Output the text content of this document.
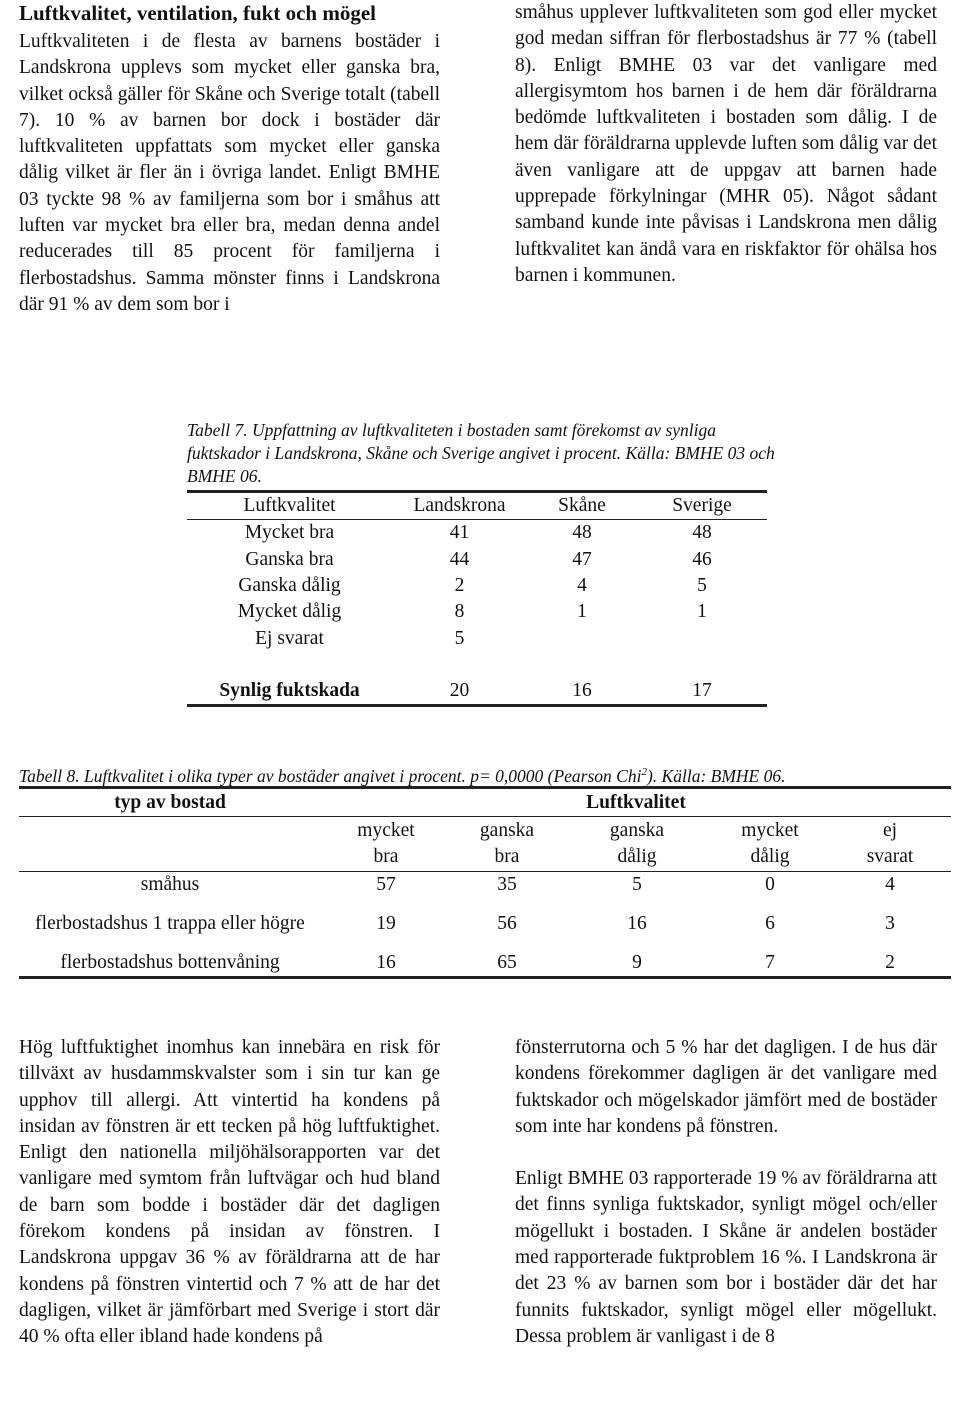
Luftkvalitet, ventilation, fukt och mögel

Luftkvaliteten i de flesta av barnens bostäder i Landskrona upplevs som mycket eller ganska bra, vilket också gäller för Skåne och Sverige totalt (tabell 7). 10 % av barnen bor dock i bostäder där luftkvaliteten uppfattats som mycket eller ganska dålig vilket är fler än i övriga landet. Enligt BMHE 03 tyckte 98 % av familjerna som bor i småhus att luften var mycket bra eller bra, medan denna andel reducerades till 85 procent för familjerna i flerbostadshus. Samma mönster finns i Landskrona där 91 % av dem som bor i

småhus upplever luftkvaliteten som god eller mycket god medan siffran för flerbostadshus är 77 % (tabell 8). Enligt BMHE 03 var det vanligare med allergisymtom hos barnen i de hem där föräldrarna bedömde luftkvaliteten i bostaden som dålig. I de hem där föräldrarna upplevde luften som dålig var det även vanligare att de uppgav att barnen hade upprepade förkylningar (MHR 05). Något sådant samband kunde inte påvisas i Landskrona men dålig luftkvalitet kan ändå vara en riskfaktor för ohälsa hos barnen i kommunen.

Tabell 7. Uppfattning av luftkvaliteten i bostaden samt förekomst av synliga fuktskador i Landskrona, Skåne och Sverige angivet i procent. Källa: BMHE 03 och BMHE 06.
Luftkvalitet	Landskrona	Skåne	Sverige
Mycket bra	41	48	48
Ganska bra	44	47	46
Ganska dålig	2	4	5
Mycket dålig	8	1	1
Ej svarat	5		

Synlig fuktskada	20	16	17
Tabell 8. Luftkvalitet i olika typer av bostäder angivet i procent. p= 0,0000 (Pearson Chi$^2$). Källa: BMHE 06.
typ av bostad	Luftkvalitet				

	mycket bra	ganska bra	ganska dålig	mycket dålig	ej svarat

småhus	57	35	5	0	4

flerbostadshus 1 trappa eller högre	19	56	16	6	3
flerbostadshus bottenvåning	16	65	9	7	2

Hög luftfuktighet inomhus kan innebära en risk för tillväxt av husdammskvalster som i sin tur kan ge upphov till allergi. Att vintertid ha kondens på insidan av fönstren är ett tecken på hög luftfuktighet. Enligt den nationella miljöhälsorapporten var det vanligare med symtom från luftvägar och hud bland de barn som bodde i bostäder där det dagligen förekom kondens på insidan av fönstren. I Landskrona uppgav 36 % av föräldrarna att de har kondens på fönstren vintertid och 7 % att de har det dagligen, vilket är jämförbart med Sverige i stort där 40 % ofta eller ibland hade kondens på

fönsterrutorna och 5 % har det dagligen. I de hus där kondens förekommer dagligen är det vanligare med fuktskador och mögelskador jämfört med de bostäder som inte har kondens på fönstren.

Enligt BMHE 03 rapporterade 19 % av föräldrarna att det finns synliga fuktskador, synligt mögel och/eller mögellukt i bostaden. I Skåne är andelen bostäder med rapporterade fuktproblem 16 %. I Landskrona är det 23 % av barnen som bor i bostäder där det har funnits fuktskador, synligt mögel eller mögellukt. Dessa problem är vanligast i de 8
